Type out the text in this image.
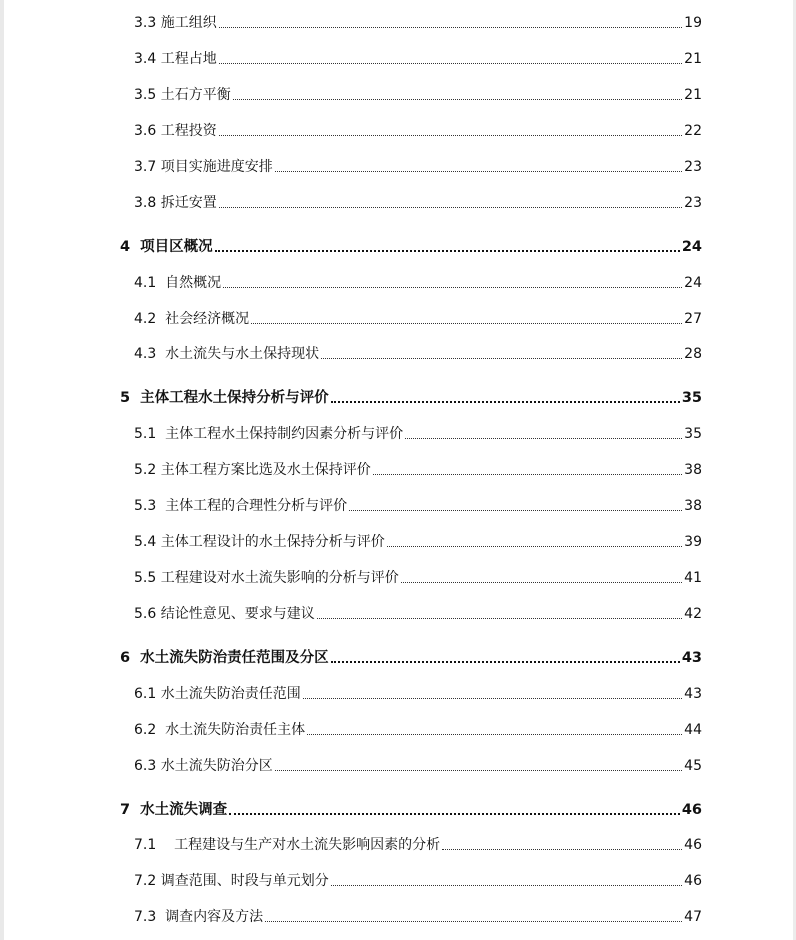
3.3 施工组织	19
3.4 工程占地	21
3.5 土石方平衡	21
3.6 工程投资	22
3.7 项目实施进度安排	23
3.8 拆迁安置	23
4  项目区概况	24
4.1  自然概况	24
4.2  社会经济概况	27
4.3  水土流失与水土保持现状	28
5  主体工程水土保持分析与评价	35
5.1  主体工程水土保持制约因素分析与评价	35
5.2 主体工程方案比选及水土保持评价	38
5.3  主体工程的合理性分析与评价	38
5.4 主体工程设计的水土保持分析与评价	39
5.5 工程建设对水土流失影响的分析与评价	41
5.6 结论性意见、要求与建议	42
6  水土流失防治责任范围及分区	43
6.1 水土流失防治责任范围	43
6.2  水土流失防治责任主体	44
6.3 水土流失防治分区	45
7  水土流失调查	46
7.1    工程建设与生产对水土流失影响因素的分析	46
7.2 调查范围、时段与单元划分	46
7.3  调查内容及方法	47
